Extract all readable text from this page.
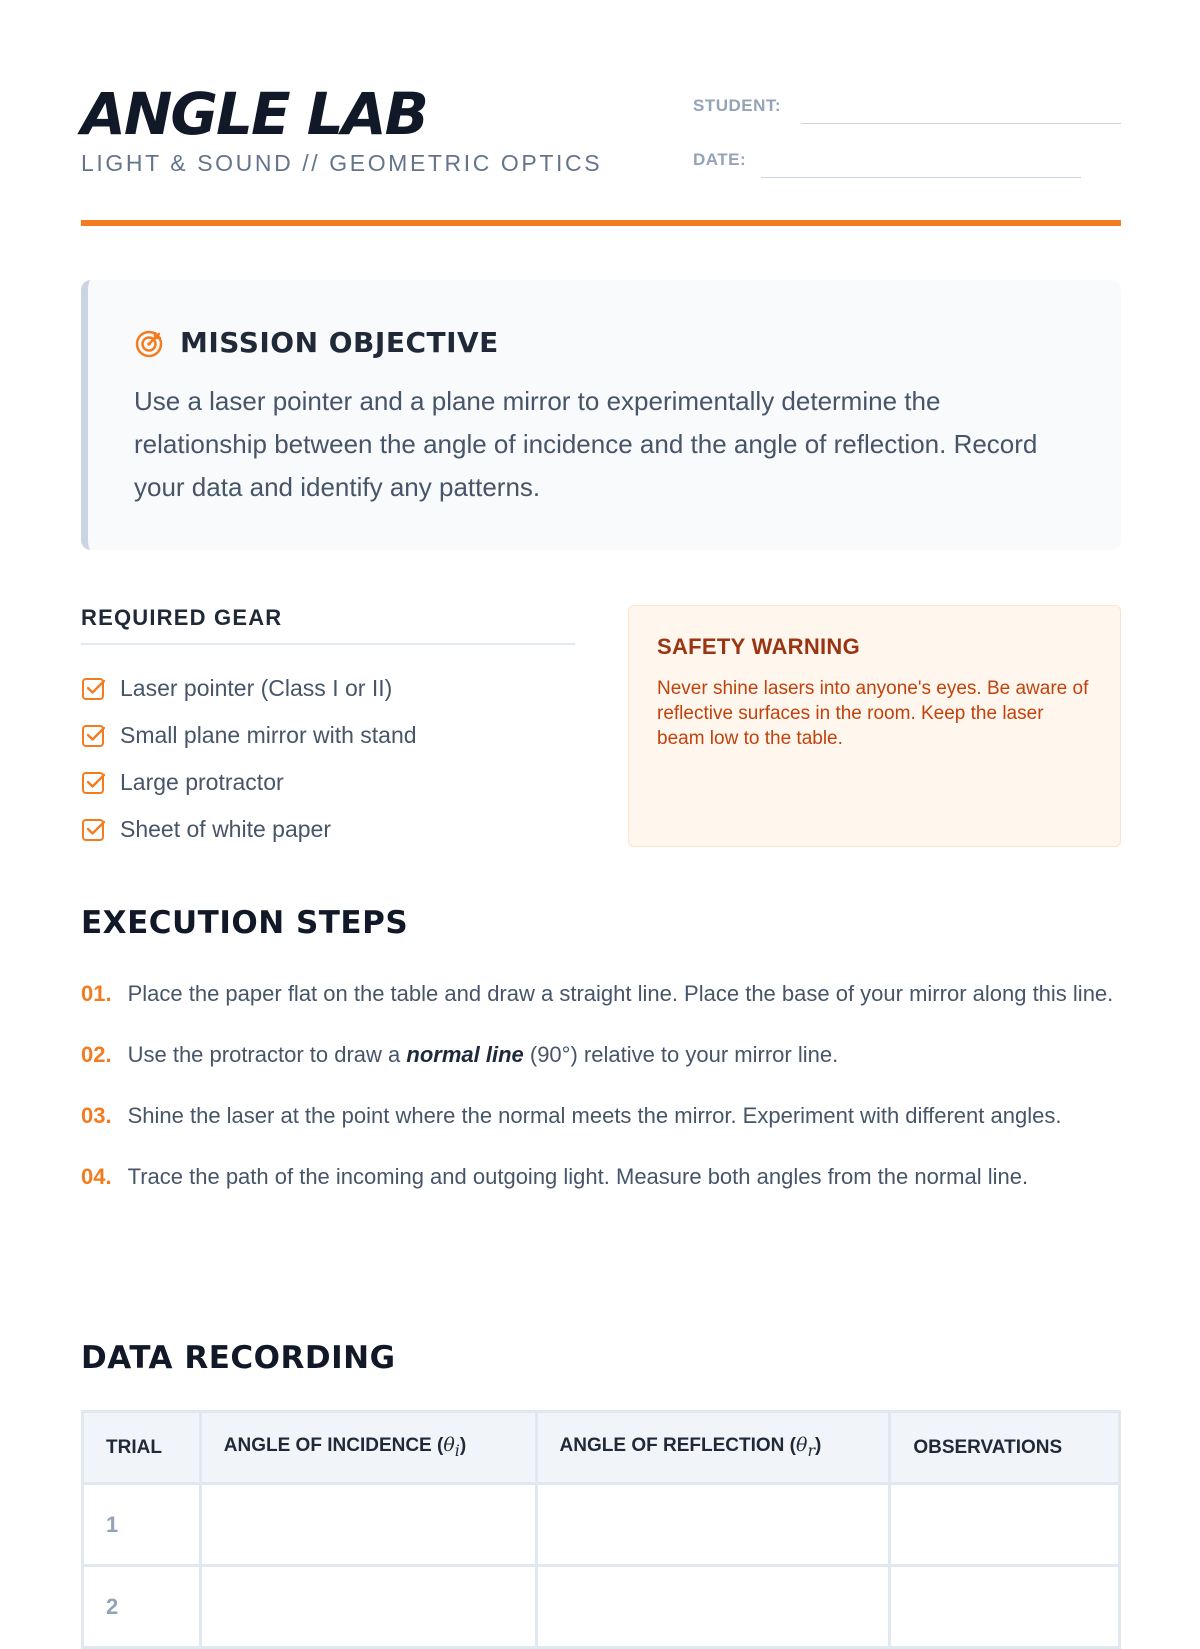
ANGLE LAB
LIGHT & SOUND // GEOMETRIC OPTICS
STUDENT:
DATE:
MISSION OBJECTIVE

Use a laser pointer and a plane mirror to experimentally determine the relationship between the angle of incidence and the angle of reflection. Record your data and identify any patterns.

REQUIRED GEAR
Laser pointer (Class I or II)
Small plane mirror with stand
Large protractor
Sheet of white paper
SAFETY WARNING

Never shine lasers into anyone's eyes. Be aware of reflective surfaces in the room. Keep the laser beam low to the table.

EXECUTION STEPS

01. Place the paper flat on the table and draw a straight line. Place the base of your mirror along this line.

02. Use the protractor to draw a normal line (90°) relative to your mirror line.

03. Shine the laser at the point where the normal meets the mirror. Experiment with different angles.

04. Trace the path of the incoming and outgoing light. Measure both angles from the normal line.

DATA RECORDING
TRIAL	ANGLE OF INCIDENCE $(\theta_i)$	ANGLE OF REFLECTION $(\theta_r)$	OBSERVATIONS
1			
2			
